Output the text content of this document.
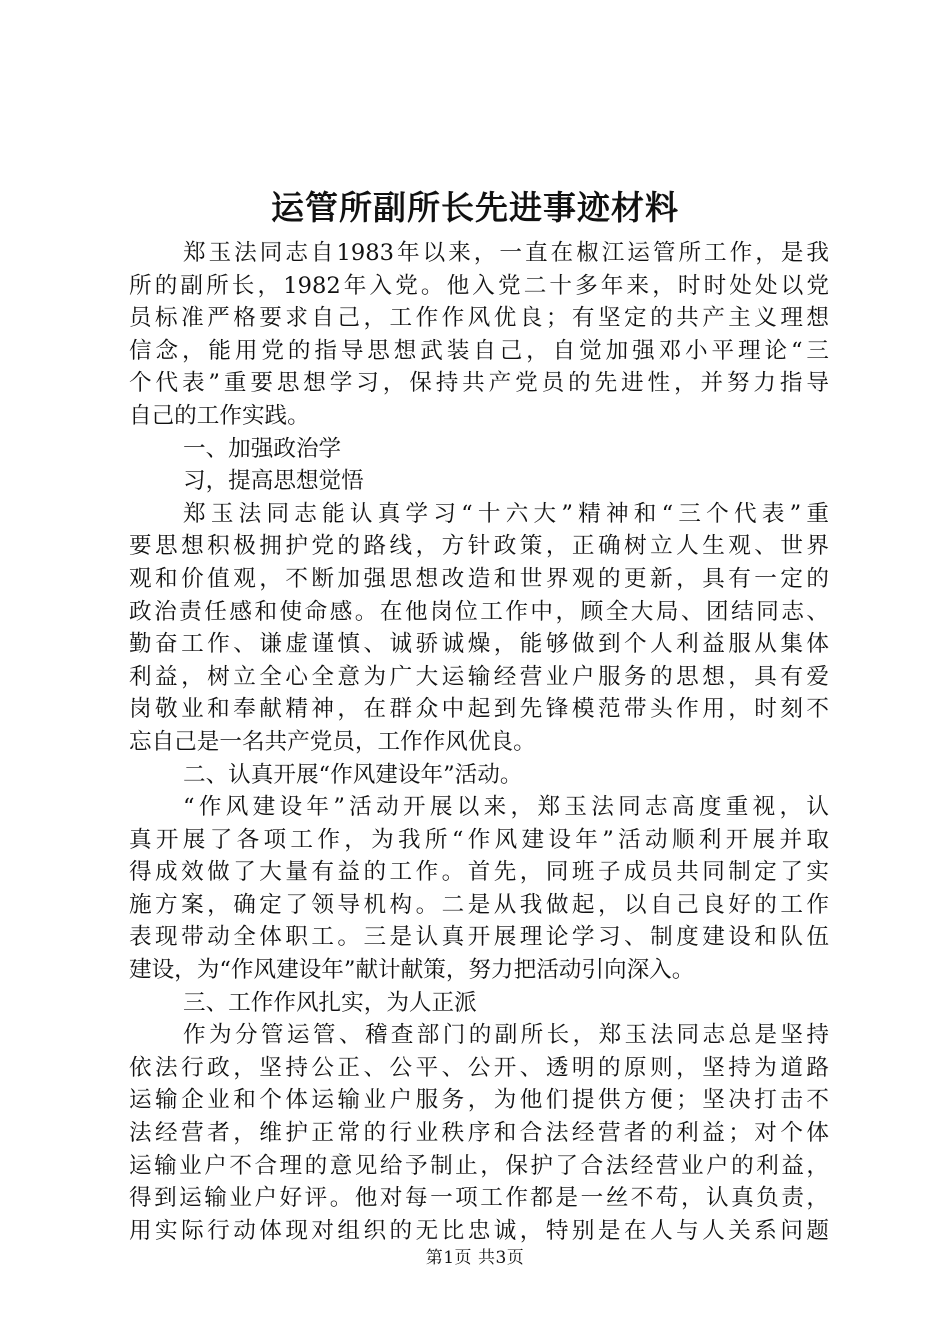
运管所副所长先进事迹材料
郑玉法同志自1983年以来，一直在椒江运管所工作，是我
所的副所长，1982年入党。他入党二十多年来，时时处处以党
员标准严格要求自己，工作作风优良；有坚定的共产主义理想
信念，能用党的指导思想武装自己，自觉加强邓小平理论“三
个代表”重要思想学习，保持共产党员的先进性，并努力指导
自己的工作实践。
一、加强政治学
习，提高思想觉悟
郑玉法同志能认真学习“十六大”精神和“三个代表”重
要思想积极拥护党的路线，方针政策，正确树立人生观、世界
观和价值观，不断加强思想改造和世界观的更新，具有一定的
政治责任感和使命感。在他岗位工作中，顾全大局、团结同志、
勤奋工作、谦虚谨慎、诚骄诚燥，能够做到个人利益服从集体
利益，树立全心全意为广大运输经营业户服务的思想，具有爱
岗敬业和奉献精神，在群众中起到先锋模范带头作用，时刻不
忘自己是一名共产党员，工作作风优良。
二、认真开展“作风建设年”活动。
“作风建设年”活动开展以来，郑玉法同志高度重视，认
真开展了各项工作，为我所“作风建设年”活动顺利开展并取
得成效做了大量有益的工作。首先，同班子成员共同制定了实
施方案，确定了领导机构。二是从我做起，以自己良好的工作
表现带动全体职工。三是认真开展理论学习、制度建设和队伍
建设，为“作风建设年”献计献策，努力把活动引向深入。
三、工作作风扎实，为人正派
作为分管运管、稽查部门的副所长，郑玉法同志总是坚持
依法行政，坚持公正、公平、公开、透明的原则，坚持为道路
运输企业和个体运输业户服务，为他们提供方便；坚决打击不
法经营者，维护正常的行业秩序和合法经营者的利益；对个体
运输业户不合理的意见给予制止，保护了合法经营业户的利益，
得到运输业户好评。他对每一项工作都是一丝不苟，认真负责，
用实际行动体现对组织的无比忠诚，特别是在人与人关系问题
第1页 共3页
